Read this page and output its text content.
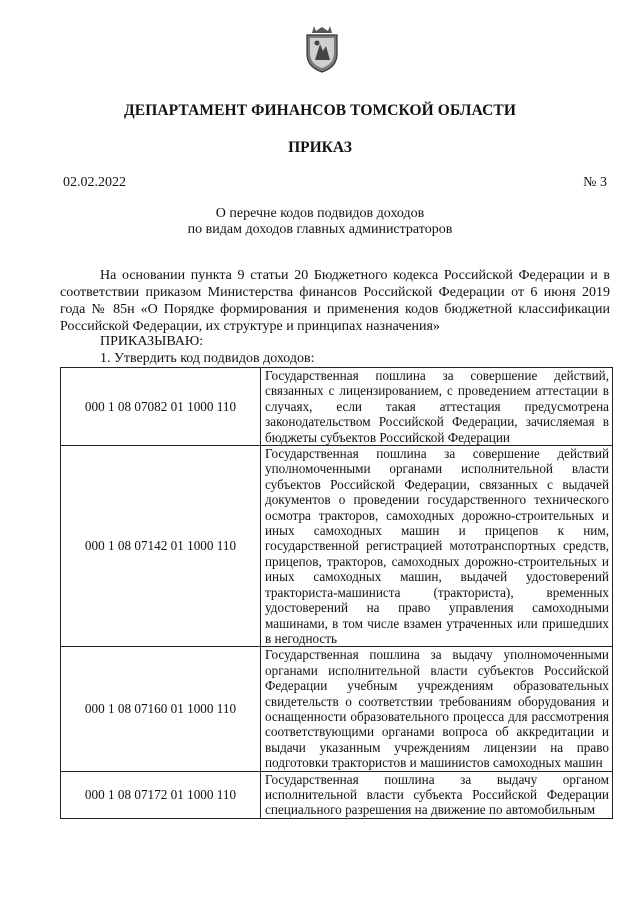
ДЕПАРТАМЕНТ ФИНАНСОВ ТОМСКОЙ ОБЛАСТИ
ПРИКАЗ
02.02.2022	№ 3
О перечне кодов подвидов доходов
по видам доходов главных администраторов
На основании пункта 9 статьи 20 Бюджетного кодекса Российской Федерации и в соответствии приказом Министерства финансов Российской Федерации от 6 июня 2019 года № 85н «О Порядке формирования и применения кодов бюджетной классификации Российской Федерации, их структуре и принципах назначения»
ПРИКАЗЫВАЮ:
1. Утвердить код подвидов доходов:
000 1 08 07082 01 1000 110	Государственная пошлина за совершение действий, связанных с лицензированием, с проведением аттестации в случаях, если такая аттестация предусмотрена законодательством Российской Федерации, зачисляемая в бюджеты субъектов Российской Федерации
000 1 08 07142 01 1000 110	Государственная пошлина за совершение действий уполномоченными органами исполнительной власти субъектов Российской Федерации, связанных с выдачей документов о проведении государственного технического осмотра тракторов, самоходных дорожно-строительных и иных самоходных машин и прицепов к ним, государственной регистрацией мототранспортных средств, прицепов, тракторов, самоходных дорожно-строительных и иных самоходных машин, выдачей удостоверений тракториста-машиниста (тракториста), временных удостоверений на право управления самоходными машинами, в том числе взамен утраченных или пришедших в негодность
000 1 08 07160 01 1000 110	Государственная пошлина за выдачу уполномоченными органами исполнительной власти субъектов Российской Федерации учебным учреждениям образовательных свидетельств о соответствии требованиям оборудования и оснащенности образовательного процесса для рассмотрения соответствующими органами вопроса об аккредитации и выдачи указанным учреждениям лицензии на право подготовки трактористов и машинистов самоходных машин
000 1 08 07172 01 1000 110	Государственная пошлина за выдачу органом исполнительной власти субъекта Российской Федерации специального разрешения на движение по автомобильным
